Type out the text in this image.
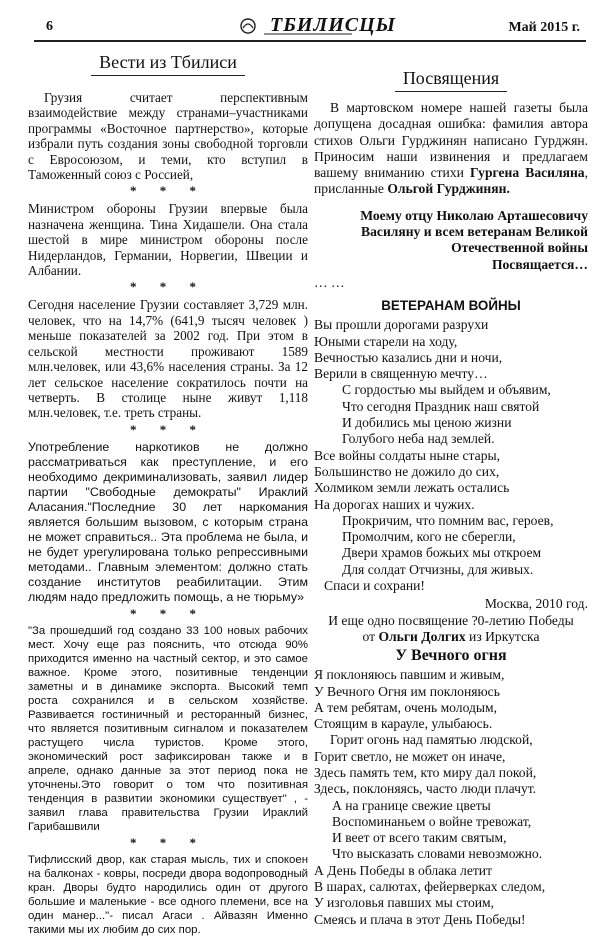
6	ТБИЛИСЦЫ	Май 2015 г.
Вести из Тбилиси

Грузия считает перспективным взаимодействие между странами–участниками программы «Восточное партнерство», которые избрали путь создания зоны свободной торговли с Евросоюзом, и теми, кто вступил в Таможенный союз с Россией,

* * *

Министром обороны Грузии впервые была назначена женщина. Тина Хидашели. Она стала шестой в мире министром обороны после Нидерландов, Германии, Норвегии, Швеции и Албании.

* * *

Сегодня население Грузии составляет 3,729 млн. человек, что на 14,7% (641,9 тысяч человек ) меньше показателей за 2002 год. При этом в сельской местности проживают 1589 млн.человек, или 43,6% населения страны. За 12 лет сельское население сократилось почти на четверть. В столице ныне живут 1,118 млн.человек, т.е. треть страны.

* * *

Употребление наркотиков не должно рассматриваться как преступление, и его необходимо декриминализовать, заявил лидер партии "Свободные демократы" Ираклий Аласания."Последние 30 лет наркомания является большим вызовом, с которым страна не может справиться.. Эта проблема не была, и не будет урегулирована только репрессивными методами.. Главным элементом: должно стать создание институтов реабилитации. Этим людям надо предложить помощь, а не тюрьму»

* * *

"За прошедший год создано 33 100 новых рабочих мест. Хочу еще раз пояснить, что отсюда 90% приходится именно на частный сектор, и это самое важное. Кроме этого, позитивные тенденции заметны и в динамике экспорта. Высокий темп роста сохранился и в сельском хозяйстве. Развивается гостиничный и ресторанный бизнес, что является позитивным сигналом и показателем растущего числа туристов. Кроме этого, экономический рост зафиксирован также и в апреле, однако данные за этот период пока не уточнены.Это говорит о том что позитивная тенденция в развитии экономики существует" , - заявил глава правительства Грузии Ираклий Гарибашвили

* * *

Тифлисский двор, как старая мысль, тих и спокоен на балконах - ковры, посреди двора водопроводный кран. Дворы будто народились один от другого большие и маленькие - все одного племени, все на один манер..."- писал Агаси . Айвазян Именно такими мы их любим до сих пор.

Посвящения

В мартовском номере нашей газеты была допущена досадная ошибка: фамилия автора стихов Ольги Гурджинян написано Гурджян. Приносим наши извинения и предлагаем вашему вниманию стихи Гургена Василяна, присланные Ольгой Гурджинян.

Моему отцу Николаю Арташесовичу Василяну и всем ветеранам Великой Отечественной войны

Посвящается…

… …

ВЕТЕРАНАМ ВОЙНЫ

Вы прошли дорогами разрухи

Юными старели на ходу,

Вечностью казались дни и ночи,

Верили в священную мечту…

С гордостью мы выйдем и объявим,

Что сегодня Праздник наш святой

И добились мы ценою жизни

Голубого неба над землей.

Все войны солдаты ныне стары,

Большинство не дожило до сих,

Холмиком земли лежать остались

На дорогах наших и чужих.

Прокричим, что помним вас, героев,

Промолчим, кого не сберегли,

Двери храмов божьих мы откроем

Для солдат Отчизны, для живых.

Спаси и сохрани!

Москва, 2010 год.

И еще одно посвящение ?0-летию Победы

от Ольги Долгих из Иркутска

У Вечного огня

Я поклоняюсь павшим и живым,

У Вечного Огня им поклоняюсь

А тем ребятам, очень молодым,

Стоящим в карауле, улыбаюсь.

Горит огонь над памятью людской,

Горит светло, не может он иначе,

Здесь память тем, кто миру дал покой,

Здесь, поклоняясь, часто люди плачут.

А на границе свежие цветы

Воспоминаньем о войне тревожат,

И веет от всего таким святым,

Что высказать словами невозможно.

А День Победы в облака летит

В шарах, салютах, фейерверках следом,

У изголовья павших мы стоим,

Смеясь и плача в этот День Победы!
